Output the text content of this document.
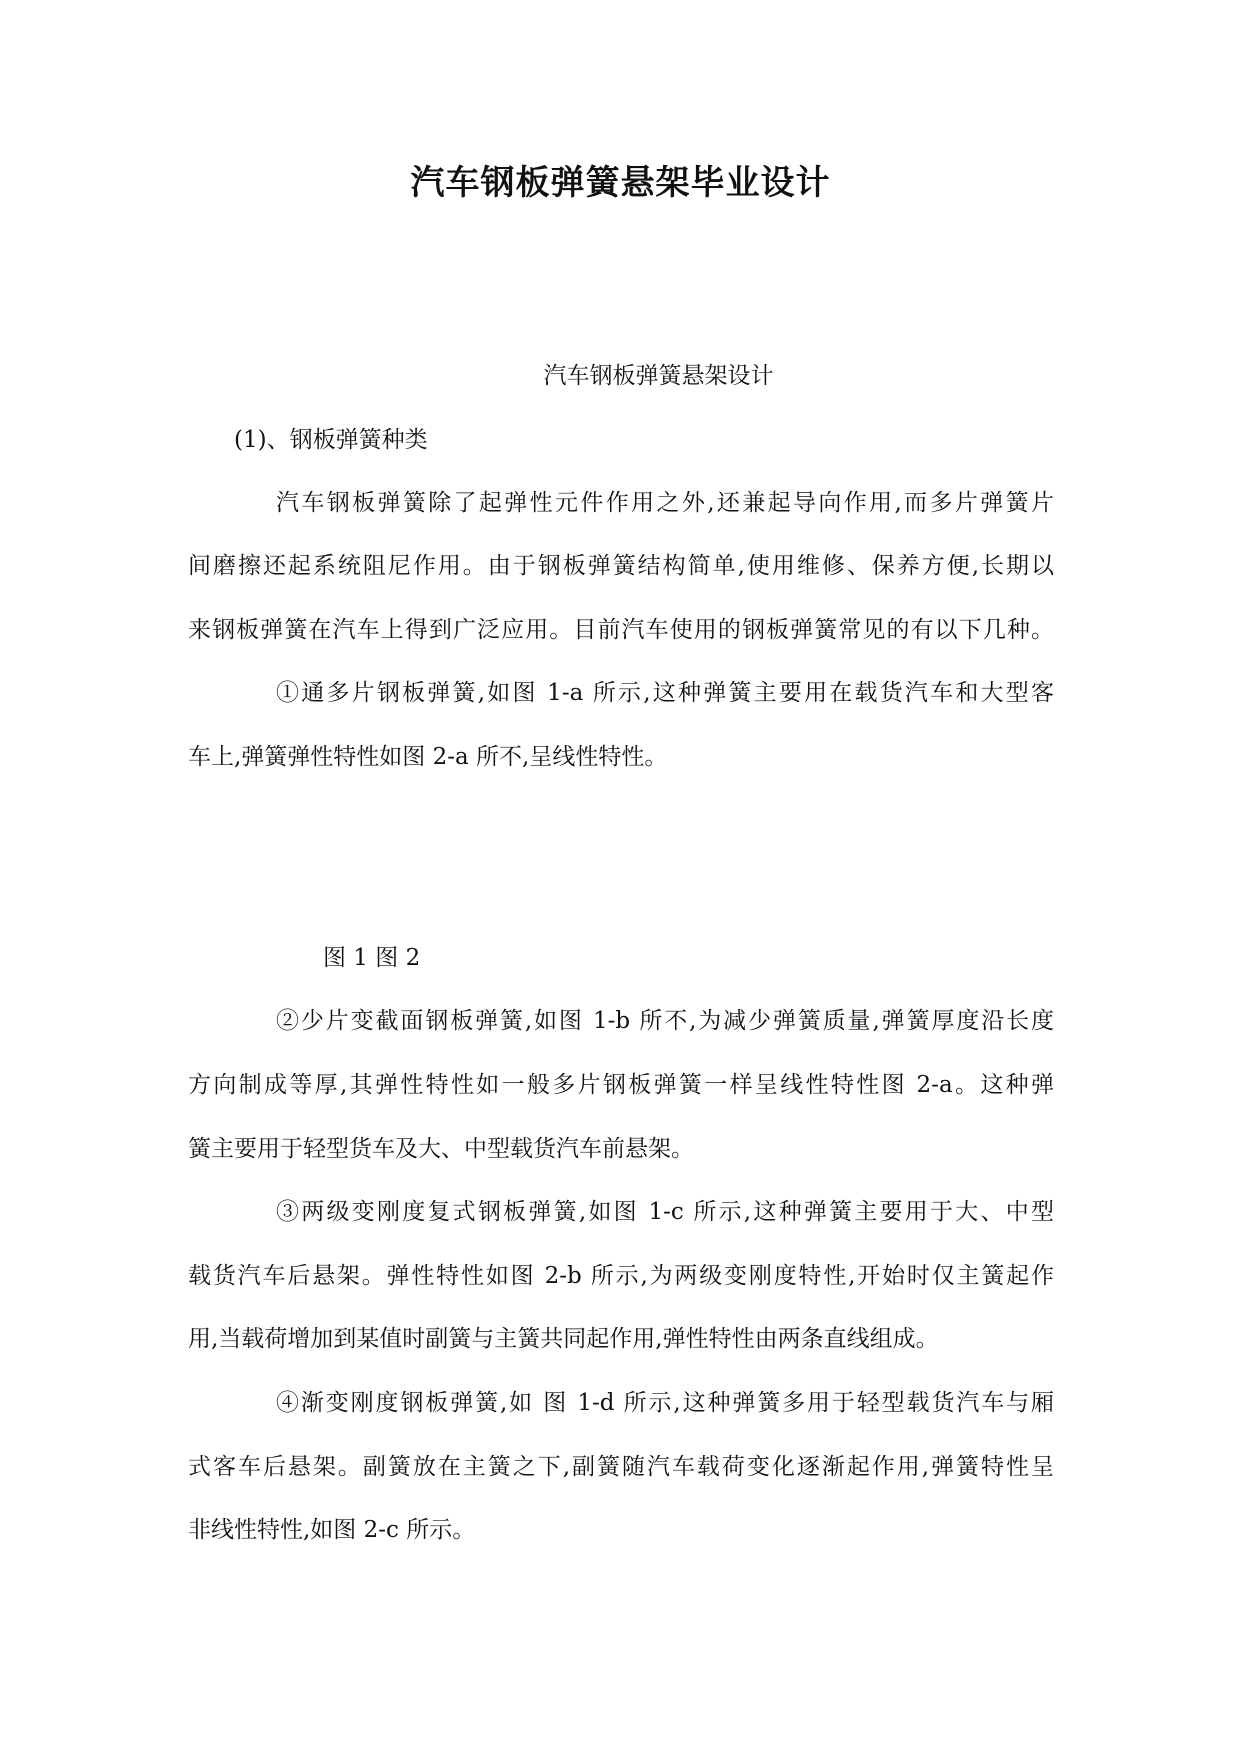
汽车钢板弹簧悬架毕业设计
汽车钢板弹簧悬架设计
(1)、钢板弹簧种类
汽车钢板弹簧除了起弹性元件作用之外,还兼起导向作用,而多片弹簧片
间磨擦还起系统阻尼作用。由于钢板弹簧结构简单,使用维修、保养方便,长期以
来钢板弹簧在汽车上得到广泛应用。目前汽车使用的钢板弹簧常见的有以下几种。
①通多片钢板弹簧,如图 1-a 所示,这种弹簧主要用在载货汽车和大型客
车上,弹簧弹性特性如图 2-a 所不,呈线性特性。
图 1 图 2
②少片变截面钢板弹簧,如图 1-b 所不,为减少弹簧质量,弹簧厚度沿长度
方向制成等厚,其弹性特性如一般多片钢板弹簧一样呈线性特性图 2-a。这种弹
簧主要用于轻型货车及大、中型载货汽车前悬架。
③两级变刚度复式钢板弹簧,如图 1-c 所示,这种弹簧主要用于大、中型
载货汽车后悬架。弹性特性如图 2-b 所示,为两级变刚度特性,开始时仅主簧起作
用,当载荷增加到某值时副簧与主簧共同起作用,弹性特性由两条直线组成。
④渐变刚度钢板弹簧,如 图 1-d 所示,这种弹簧多用于轻型载货汽车与厢
式客车后悬架。副簧放在主簧之下,副簧随汽车载荷变化逐渐起作用,弹簧特性呈
非线性特性,如图 2-c 所示。
